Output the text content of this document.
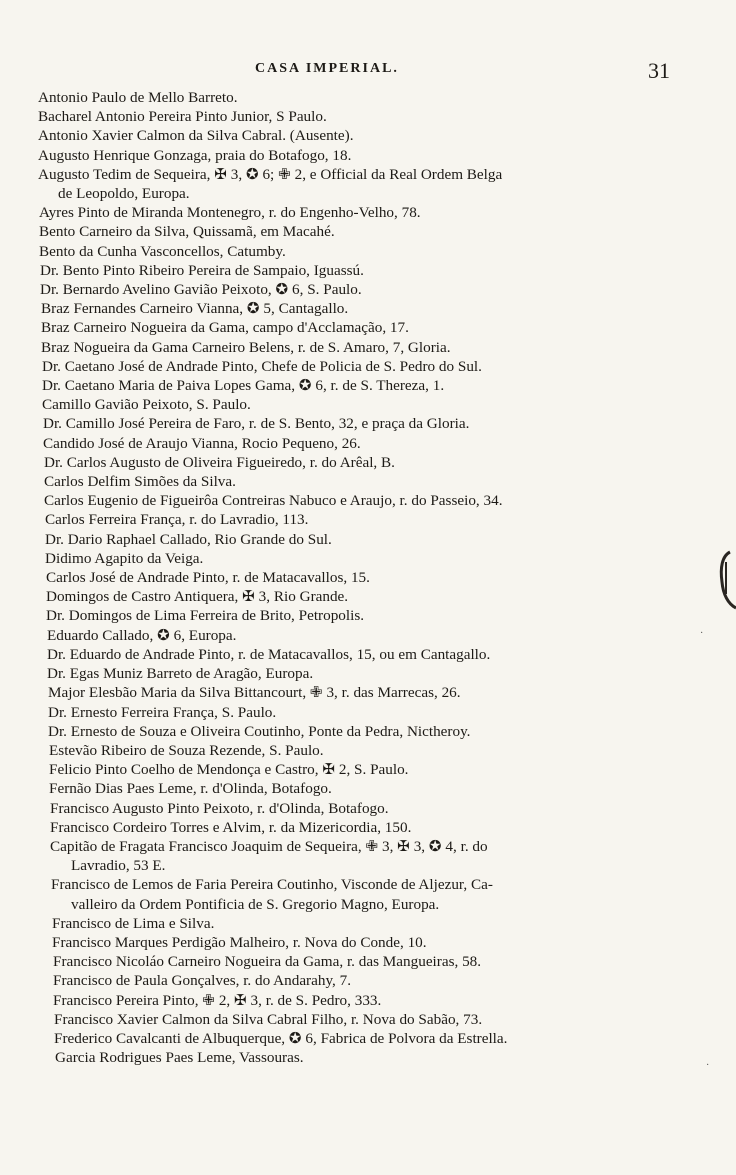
CASA IMPERIAL.	31
Antonio Paulo de Mello Barreto.
Bacharel Antonio Pereira Pinto Junior, S Paulo.
Antonio Xavier Calmon da Silva Cabral. (Ausente).
Augusto Henrique Gonzaga, praia do Botafogo, 18.
Augusto Tedim de Sequeira, ✠ 3, ✪ 6; ✙ 2, e Official da Real Ordem Belga
de Leopoldo, Europa.
Ayres Pinto de Miranda Montenegro, r. do Engenho-Velho, 78.
Bento Carneiro da Silva, Quissamã, em Macahé.
Bento da Cunha Vasconcellos, Catumby.
Dr. Bento Pinto Ribeiro Pereira de Sampaio, Iguassú.
Dr. Bernardo Avelino Gavião Peixoto, ✪ 6, S. Paulo.
Braz Fernandes Carneiro Vianna, ✪ 5, Cantagallo.
Braz Carneiro Nogueira da Gama, campo d'Acclamação, 17.
Braz Nogueira da Gama Carneiro Belens, r. de S. Amaro, 7, Gloria.
Dr. Caetano José de Andrade Pinto, Chefe de Policia de S. Pedro do Sul.
Dr. Caetano Maria de Paiva Lopes Gama, ✪ 6, r. de S. Thereza, 1.
Camillo Gavião Peixoto, S. Paulo.
Dr. Camillo José Pereira de Faro, r. de S. Bento, 32, e praça da Gloria.
Candido José de Araujo Vianna, Rocio Pequeno, 26.
Dr. Carlos Augusto de Oliveira Figueiredo, r. do Arêal, B.
Carlos Delfim Simões da Silva.
Carlos Eugenio de Figueirôa Contreiras Nabuco e Araujo, r. do Passeio, 34.
Carlos Ferreira França, r. do Lavradio, 113.
Dr. Dario Raphael Callado, Rio Grande do Sul.
Didimo Agapito da Veiga.
Carlos José de Andrade Pinto, r. de Matacavallos, 15.
Domingos de Castro Antiquera, ✠ 3, Rio Grande.
Dr. Domingos de Lima Ferreira de Brito, Petropolis.
Eduardo Callado, ✪ 6, Europa.
Dr. Eduardo de Andrade Pinto, r. de Matacavallos, 15, ou em Cantagallo.
Dr. Egas Muniz Barreto de Aragão, Europa.
Major Elesbão Maria da Silva Bittancourt, ✙ 3, r. das Marrecas, 26.
Dr. Ernesto Ferreira França, S. Paulo.
Dr. Ernesto de Souza e Oliveira Coutinho, Ponte da Pedra, Nictheroy.
Estevão Ribeiro de Souza Rezende, S. Paulo.
Felicio Pinto Coelho de Mendonça e Castro, ✠ 2, S. Paulo.
Fernão Dias Paes Leme, r. d'Olinda, Botafogo.
Francisco Augusto Pinto Peixoto, r. d'Olinda, Botafogo.
Francisco Cordeiro Torres e Alvim, r. da Mizericordia, 150.
Capitão de Fragata Francisco Joaquim de Sequeira, ✙ 3, ✠ 3, ✪ 4, r. do
Lavradio, 53 E.
Francisco de Lemos de Faria Pereira Coutinho, Visconde de Aljezur, Ca-
valleiro da Ordem Pontificia de S. Gregorio Magno, Europa.
Francisco de Lima e Silva.
Francisco Marques Perdigão Malheiro, r. Nova do Conde, 10.
Francisco Nicoláo Carneiro Nogueira da Gama, r. das Mangueiras, 58.
Francisco de Paula Gonçalves, r. do Andarahy, 7.
Francisco Pereira Pinto, ✙ 2, ✠ 3, r. de S. Pedro, 333.
Francisco Xavier Calmon da Silva Cabral Filho, r. Nova do Sabão, 73.
Frederico Cavalcanti de Albuquerque, ✪ 6, Fabrica de Polvora da Estrella.
Garcia Rodrigues Paes Leme, Vassouras.
·
·
